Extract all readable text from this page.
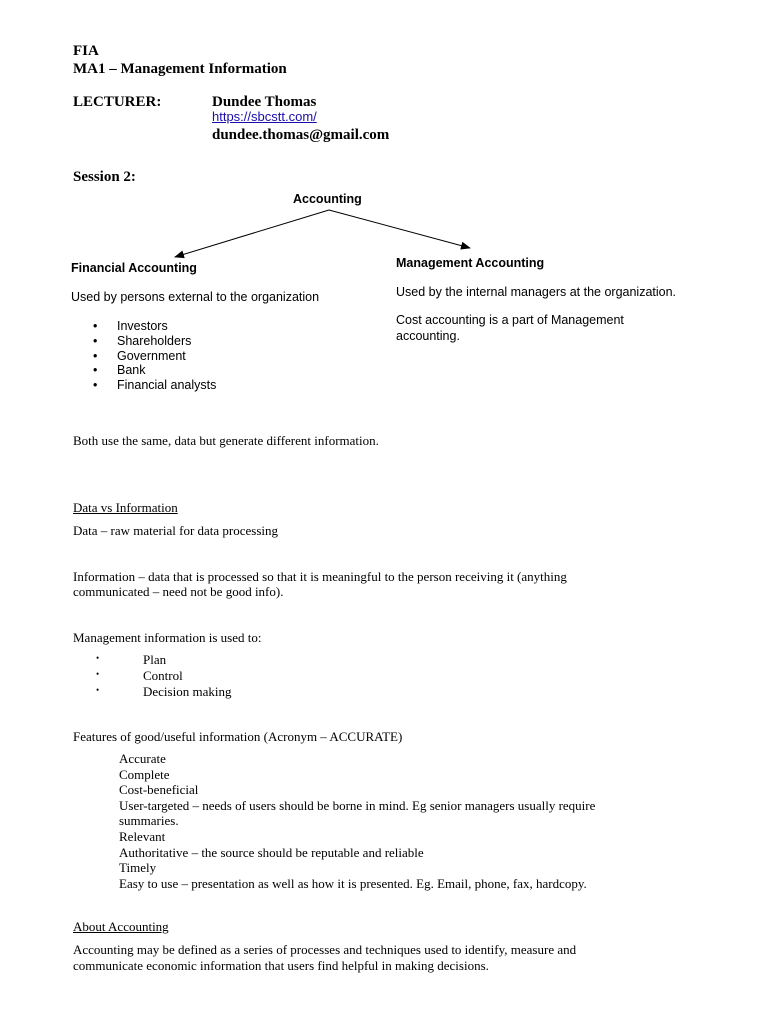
FIA
MA1 – Management Information
LECTURER:	Dundee Thomas
https://sbcstt.com/
dundee.thomas@gmail.com
Session 2:
Accounting
Financial Accounting
Used by persons external to the organization
• Investors
• Shareholders
• Government
• Bank
• Financial analysts
Management Accounting
Used by the internal managers at the organization.
Cost accounting is a part of Management
accounting.
Both use the same, data but generate different information.
Data vs Information
Data – raw material for data processing
Information – data that is processed so that it is meaningful to the person receiving it (anything
communicated – need not be good info).
Management information is used to:
• Plan
• Control
• Decision making
Features of good/useful information (Acronym – ACCURATE)
Accurate
Complete
Cost-beneficial
User-targeted – needs of users should be borne in mind. Eg senior managers usually require
summaries.
Relevant
Authoritative – the source should be reputable and reliable
Timely
Easy to use – presentation as well as how it is presented. Eg. Email, phone, fax, hardcopy.
About Accounting
Accounting may be defined as a series of processes and techniques used to identify, measure and
communicate economic information that users find helpful in making decisions.
